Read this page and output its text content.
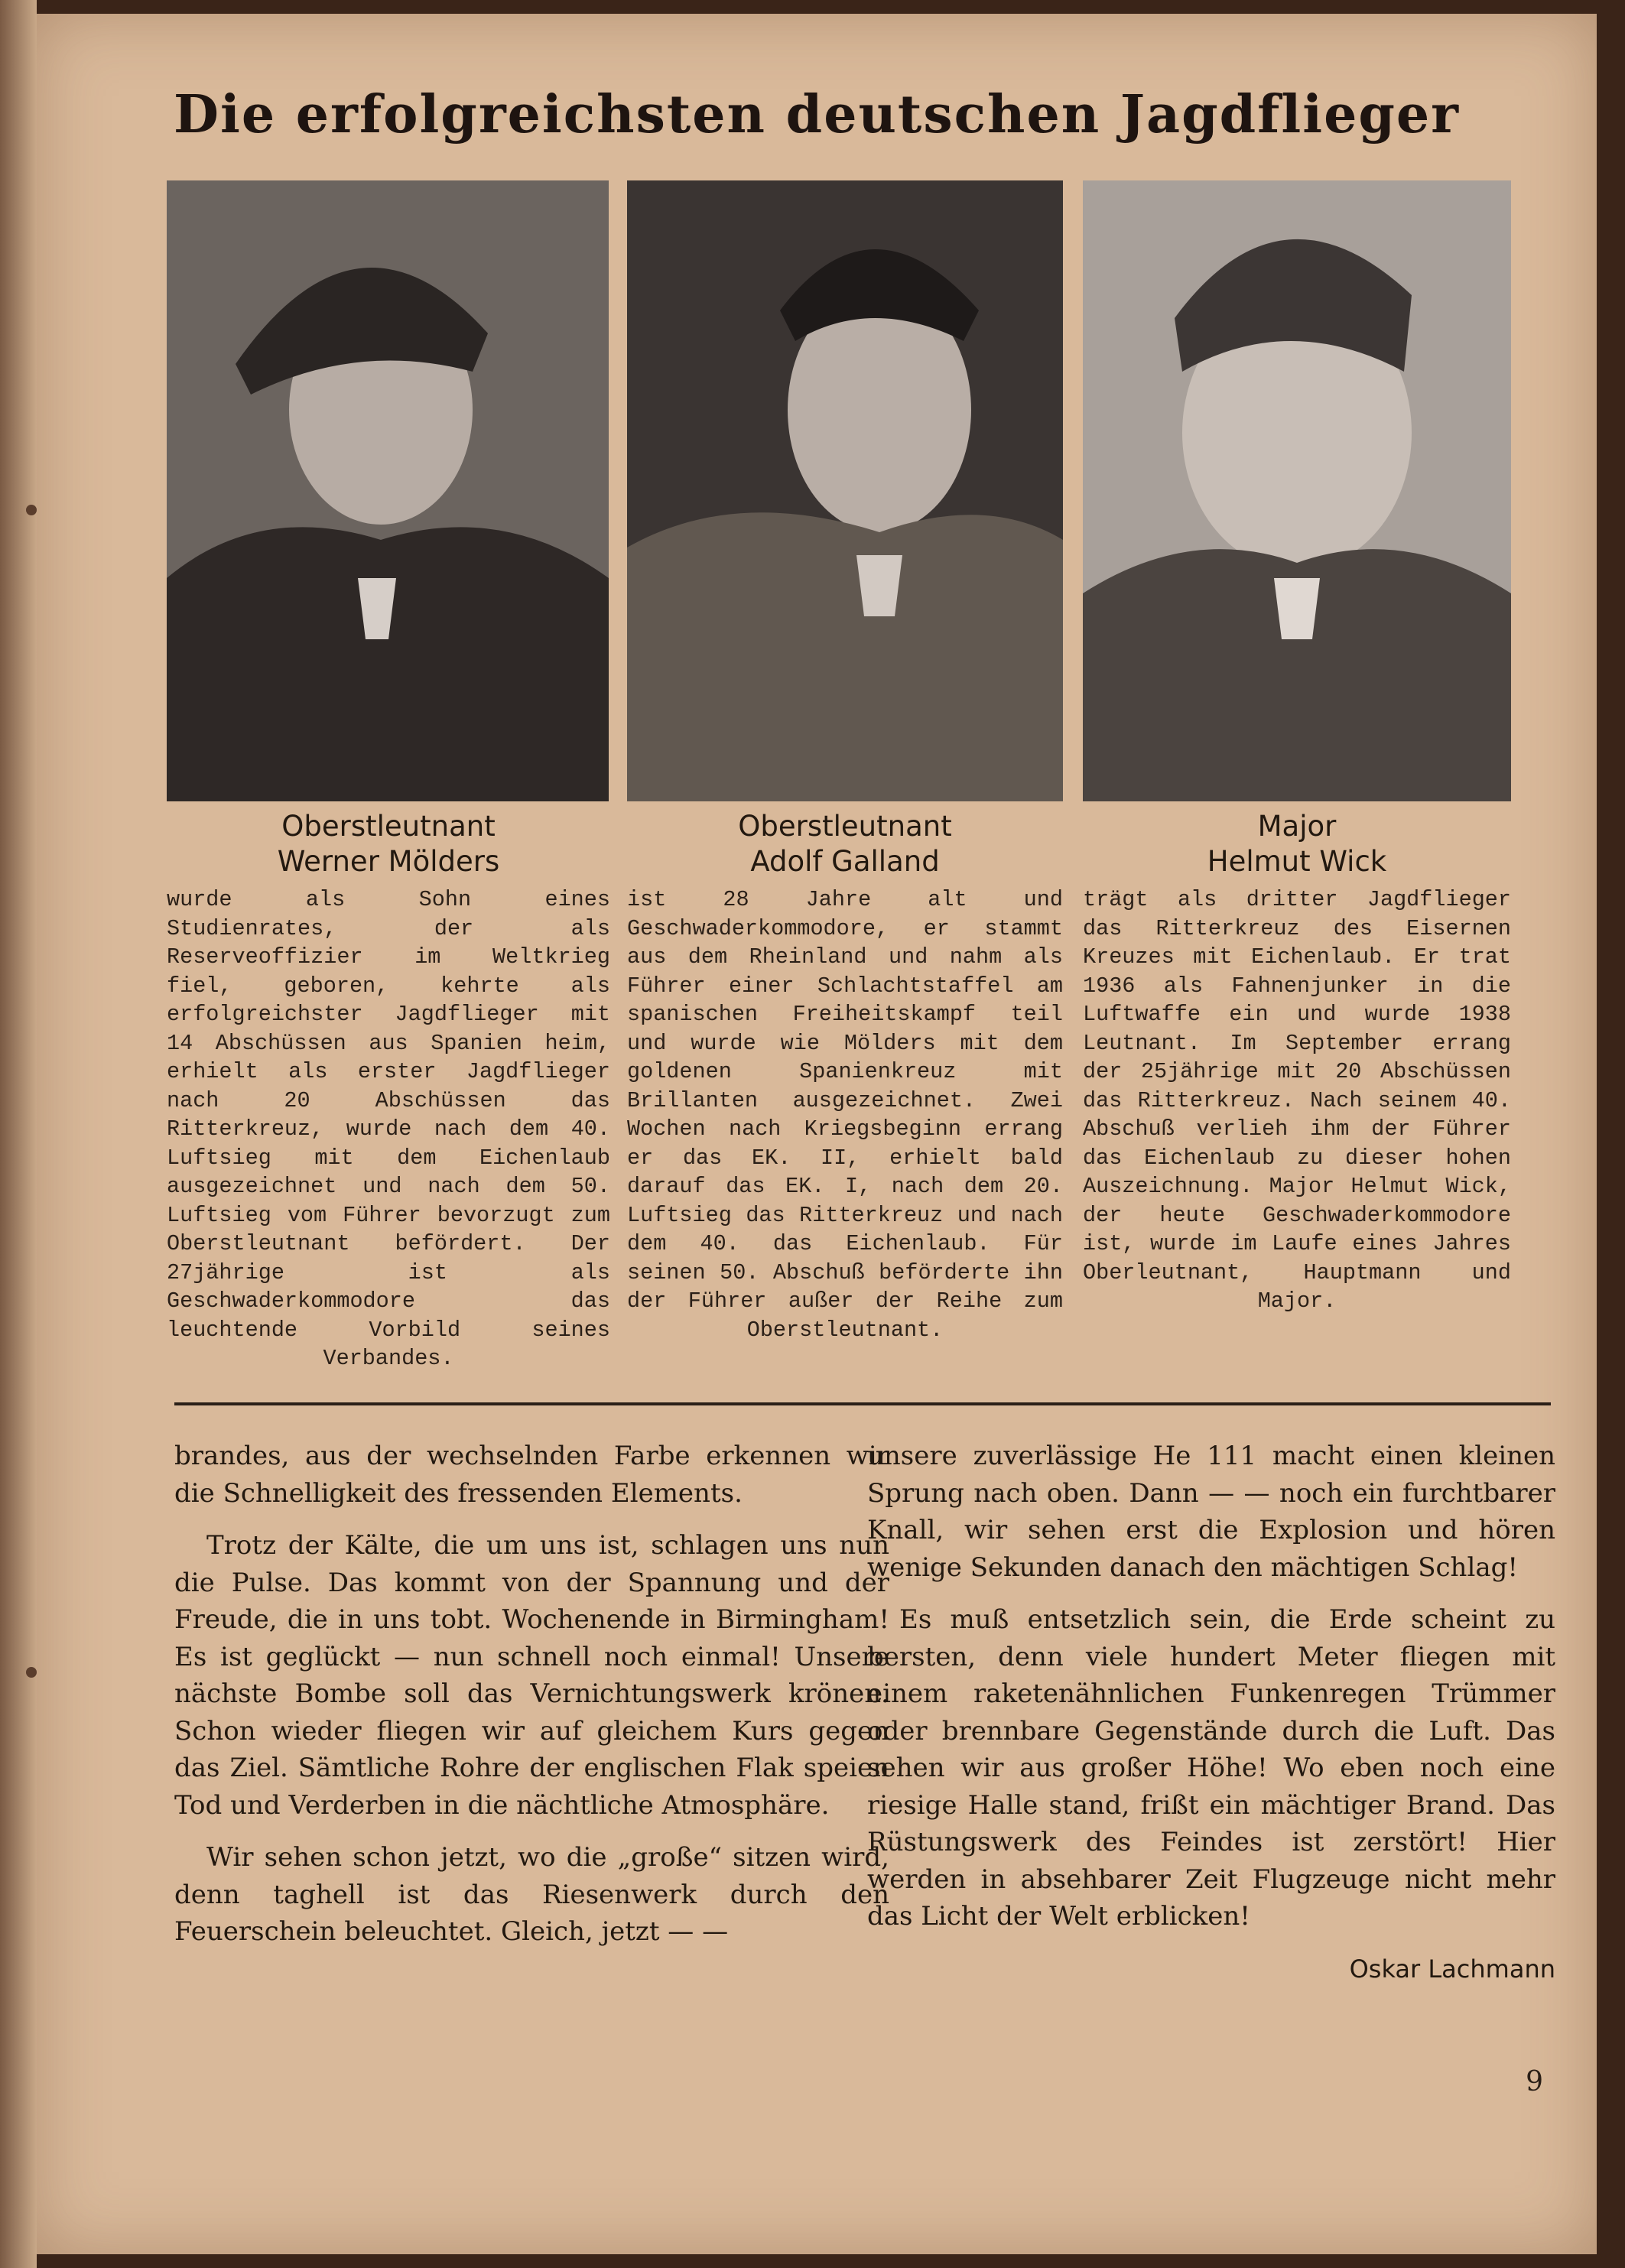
Die erfolgreichsten deutschen Jagdflieger
Oberstleutnant
Werner Mölders
wurde als Sohn eines Studienrates, der als Reserveoffizier im Weltkrieg fiel, geboren, kehrte als erfolgreichster Jagdflieger mit 14 Abschüssen aus Spanien heim, erhielt als erster Jagdflieger nach 20 Abschüssen das Ritterkreuz, wurde nach dem 40. Luftsieg mit dem Eichenlaub ausgezeichnet und nach dem 50. Luftsieg vom Führer bevorzugt zum Oberstleutnant befördert. Der 27jährige ist als Geschwaderkommodore das leuchtende Vorbild seines Verbandes.
Oberstleutnant
Adolf Galland
ist 28 Jahre alt und Geschwaderkommodore, er stammt aus dem Rheinland und nahm als Führer einer Schlachtstaffel am spanischen Freiheitskampf teil und wurde wie Mölders mit dem goldenen Spanienkreuz mit Brillanten ausgezeichnet. Zwei Wochen nach Kriegsbeginn errang er das EK. II, erhielt bald darauf das EK. I, nach dem 20. Luftsieg das Ritterkreuz und nach dem 40. das Eichenlaub. Für seinen 50. Abschuß beförderte ihn der Führer außer der Reihe zum Oberstleutnant.
Major
Helmut Wick
trägt als dritter Jagdflieger das Ritterkreuz des Eisernen Kreuzes mit Eichenlaub. Er trat 1936 als Fahnenjunker in die Luftwaffe ein und wurde 1938 Leutnant. Im September errang der 25jährige mit 20 Abschüssen das Ritterkreuz. Nach seinem 40. Abschuß verlieh ihm der Führer das Eichenlaub zu dieser hohen Auszeichnung. Major Helmut Wick, der heute Geschwaderkommodore ist, wurde im Laufe eines Jahres Oberleutnant, Hauptmann und Major.

brandes, aus der wechselnden Farbe erkennen wir die Schnelligkeit des fressenden Elements.

Trotz der Kälte, die um uns ist, schlagen uns nun die Pulse. Das kommt von der Spannung und der Freude, die in uns tobt. Wochenende in Birmingham! Es ist geglückt — nun schnell noch einmal! Unsere nächste Bombe soll das Vernichtungswerk krönen. Schon wieder fliegen wir auf gleichem Kurs gegen das Ziel. Sämtliche Rohre der englischen Flak speien Tod und Verderben in die nächtliche Atmosphäre.

Wir sehen schon jetzt, wo die „große“ sitzen wird, denn taghell ist das Riesenwerk durch den Feuerschein beleuchtet. Gleich, jetzt — —

unsere zuverlässige He 111 macht einen kleinen Sprung nach oben. Dann — — noch ein furchtbarer Knall, wir sehen erst die Explosion und hören wenige Sekunden danach den mächtigen Schlag!

Es muß entsetzlich sein, die Erde scheint zu bersten, denn viele hundert Meter fliegen mit einem raketenähnlichen Funkenregen Trümmer oder brennbare Gegenstände durch die Luft. Das sehen wir aus großer Höhe! Wo eben noch eine riesige Halle stand, frißt ein mächtiger Brand. Das Rüstungswerk des Feindes ist zerstört! Hier werden in absehbarer Zeit Flugzeuge nicht mehr das Licht der Welt erblicken!

Oskar Lachmann
9
